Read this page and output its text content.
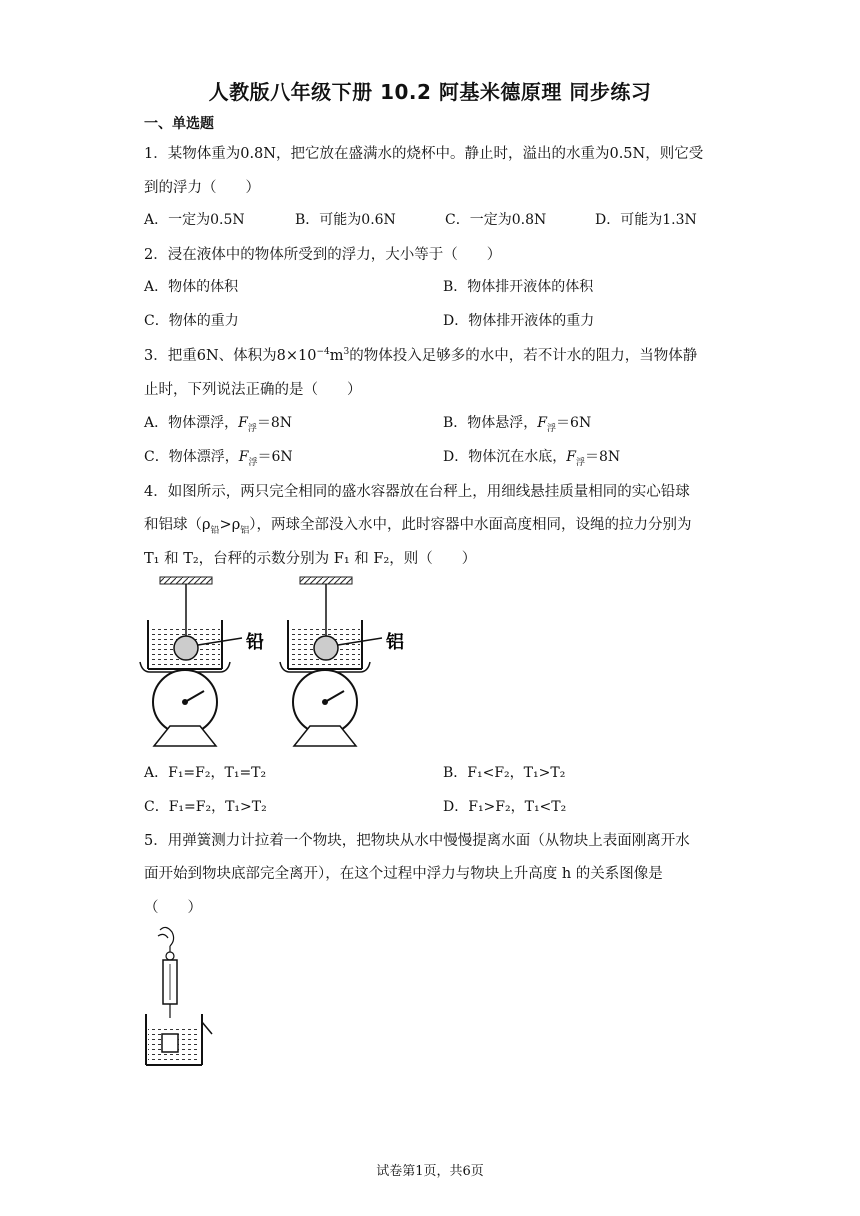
人教版八年级下册 10.2 阿基米德原理 同步练习
一、单选题
1．某物体重为0.8N，把它放在盛满水的烧杯中。静止时，溢出的水重为0.5N，则它受
到的浮力（　　）
A．一定为0.5N	B．可能为0.6N	C．一定为0.8N	D．可能为1.3N
2．浸在液体中的物体所受到的浮力，大小等于（　　）
A．物体的体积	B．物体排开液体的体积
C．物体的重力	D．物体排开液体的重力
3．把重6N、体积为$8\times 10^{-4}m^3$的物体投入足够多的水中，若不计水的阻力，当物体静
止时，下列说法正确的是（　　）
A．物体漂浮，$F_浮=8N$	B．物体悬浮，$F_浮=6N$
C．物体漂浮，$F_浮=6N$	D．物体沉在水底，$F_浮=8N$
4．如图所示，两只完全相同的盛水容器放在台秤上，用细线悬挂质量相同的实心铅球
和铝球$(\rho_铅>\rho_铝)$，两球全部没入水中，此时容器中水面高度相同，设绳的拉力分别为
T₁ 和 T₂，台秤的示数分别为 F₁ 和 F₂，则（　　）
铅	铝
A．F₁=F₂，T₁=T₂	B．F₁<F₂，T₁>T₂
C．F₁=F₂，T₁>T₂	D．F₁>F₂，T₁<T₂
5．用弹簧测力计拉着一个物块，把物块从水中慢慢提离水面（从物块上表面刚离开水
面开始到物块底部完全离开），在这个过程中浮力与物块上升高度 h 的关系图像是
（　　）
试卷第1页，共6页
